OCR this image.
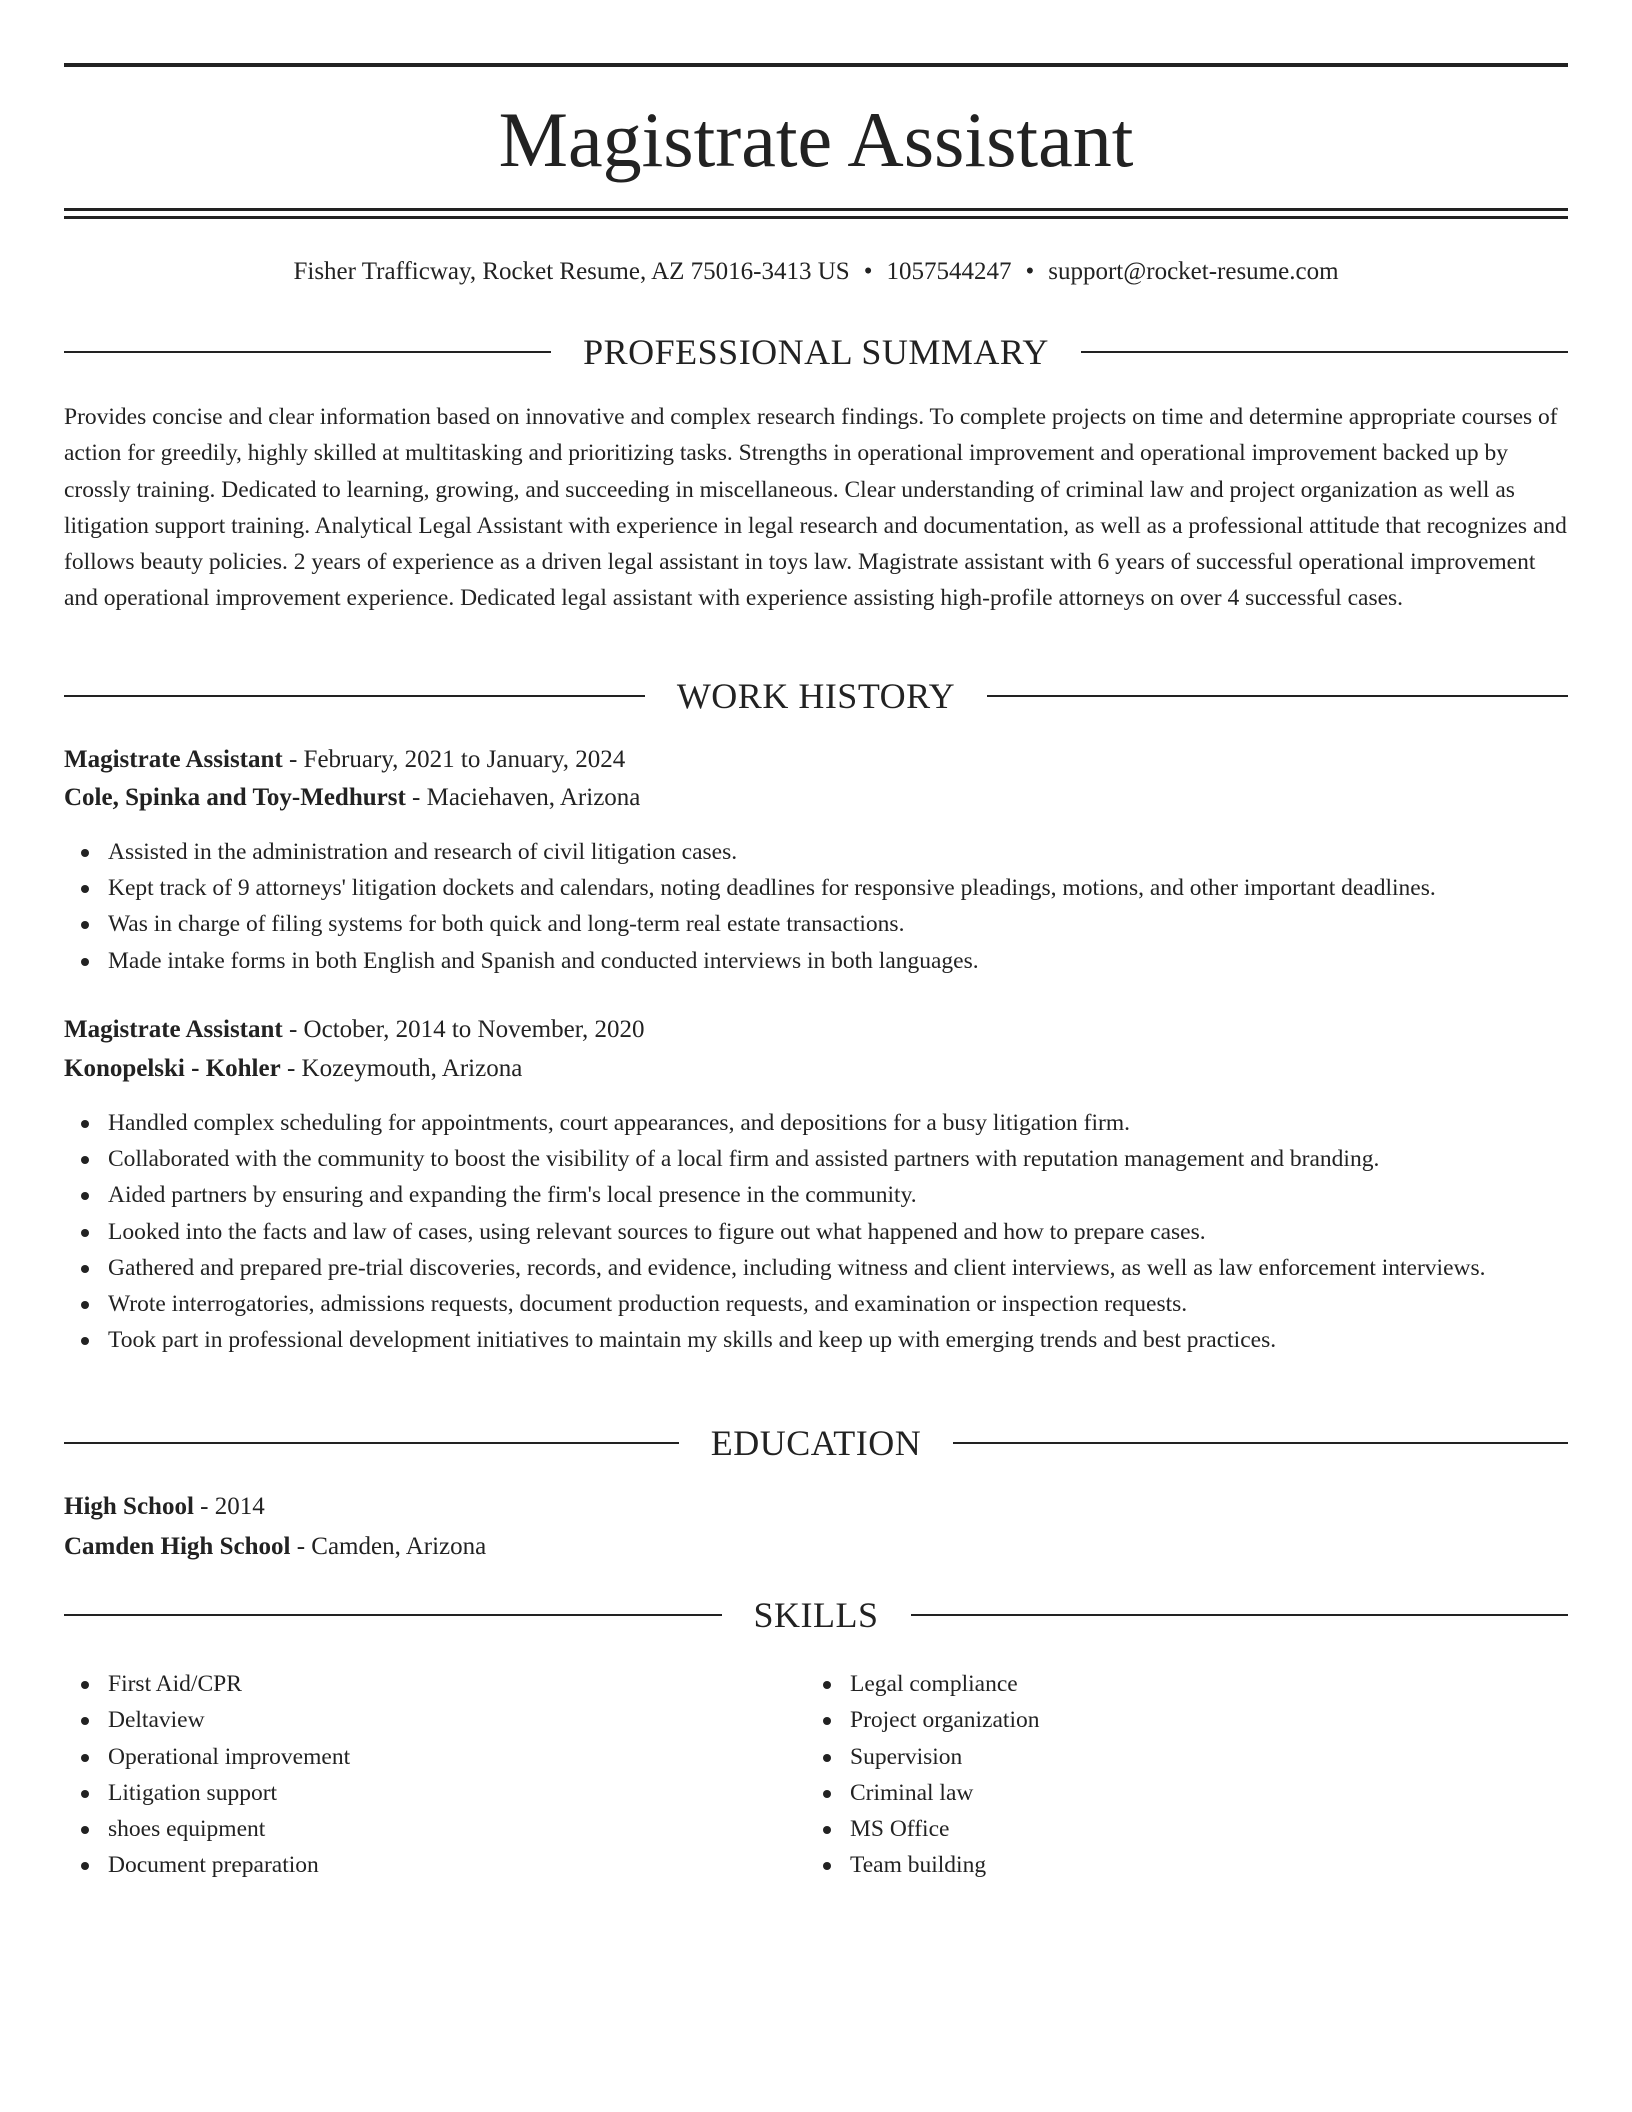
Magistrate Assistant
Fisher Trafficway, Rocket Resume, AZ 75016-3413 US • 1057544247 • support@rocket-resume.com
PROFESSIONAL SUMMARY

Provides concise and clear information based on innovative and complex research findings. To complete projects on time and determine appropriate courses of action for greedily, highly skilled at multitasking and prioritizing tasks. Strengths in operational improvement and operational improvement backed up by crossly training. Dedicated to learning, growing, and succeeding in miscellaneous. Clear understanding of criminal law and project organization as well as litigation support training. Analytical Legal Assistant with experience in legal research and documentation, as well as a professional attitude that recognizes and follows beauty policies. 2 years of experience as a driven legal assistant in toys law. Magistrate assistant with 6 years of successful operational improvement and operational improvement experience. Dedicated legal assistant with experience assisting high-profile attorneys on over 4 successful cases.

WORK HISTORY
Magistrate Assistant - February, 2021 to January, 2024
Cole, Spinka and Toy-Medhurst - Maciehaven, Arizona
Assisted in the administration and research of civil litigation cases.
Kept track of 9 attorneys' litigation dockets and calendars, noting deadlines for responsive pleadings, motions, and other important deadlines.
Was in charge of filing systems for both quick and long-term real estate transactions.
Made intake forms in both English and Spanish and conducted interviews in both languages.
Magistrate Assistant - October, 2014 to November, 2020
Konopelski - Kohler - Kozeymouth, Arizona
Handled complex scheduling for appointments, court appearances, and depositions for a busy litigation firm.
Collaborated with the community to boost the visibility of a local firm and assisted partners with reputation management and branding.
Aided partners by ensuring and expanding the firm's local presence in the community.
Looked into the facts and law of cases, using relevant sources to figure out what happened and how to prepare cases.
Gathered and prepared pre-trial discoveries, records, and evidence, including witness and client interviews, as well as law enforcement interviews.
Wrote interrogatories, admissions requests, document production requests, and examination or inspection requests.
Took part in professional development initiatives to maintain my skills and keep up with emerging trends and best practices.
EDUCATION
High School - 2014
Camden High School - Camden, Arizona
SKILLS
First Aid/CPR
Deltaview
Operational improvement
Litigation support
shoes equipment
Document preparation
Legal compliance
Project organization
Supervision
Criminal law
MS Office
Team building
